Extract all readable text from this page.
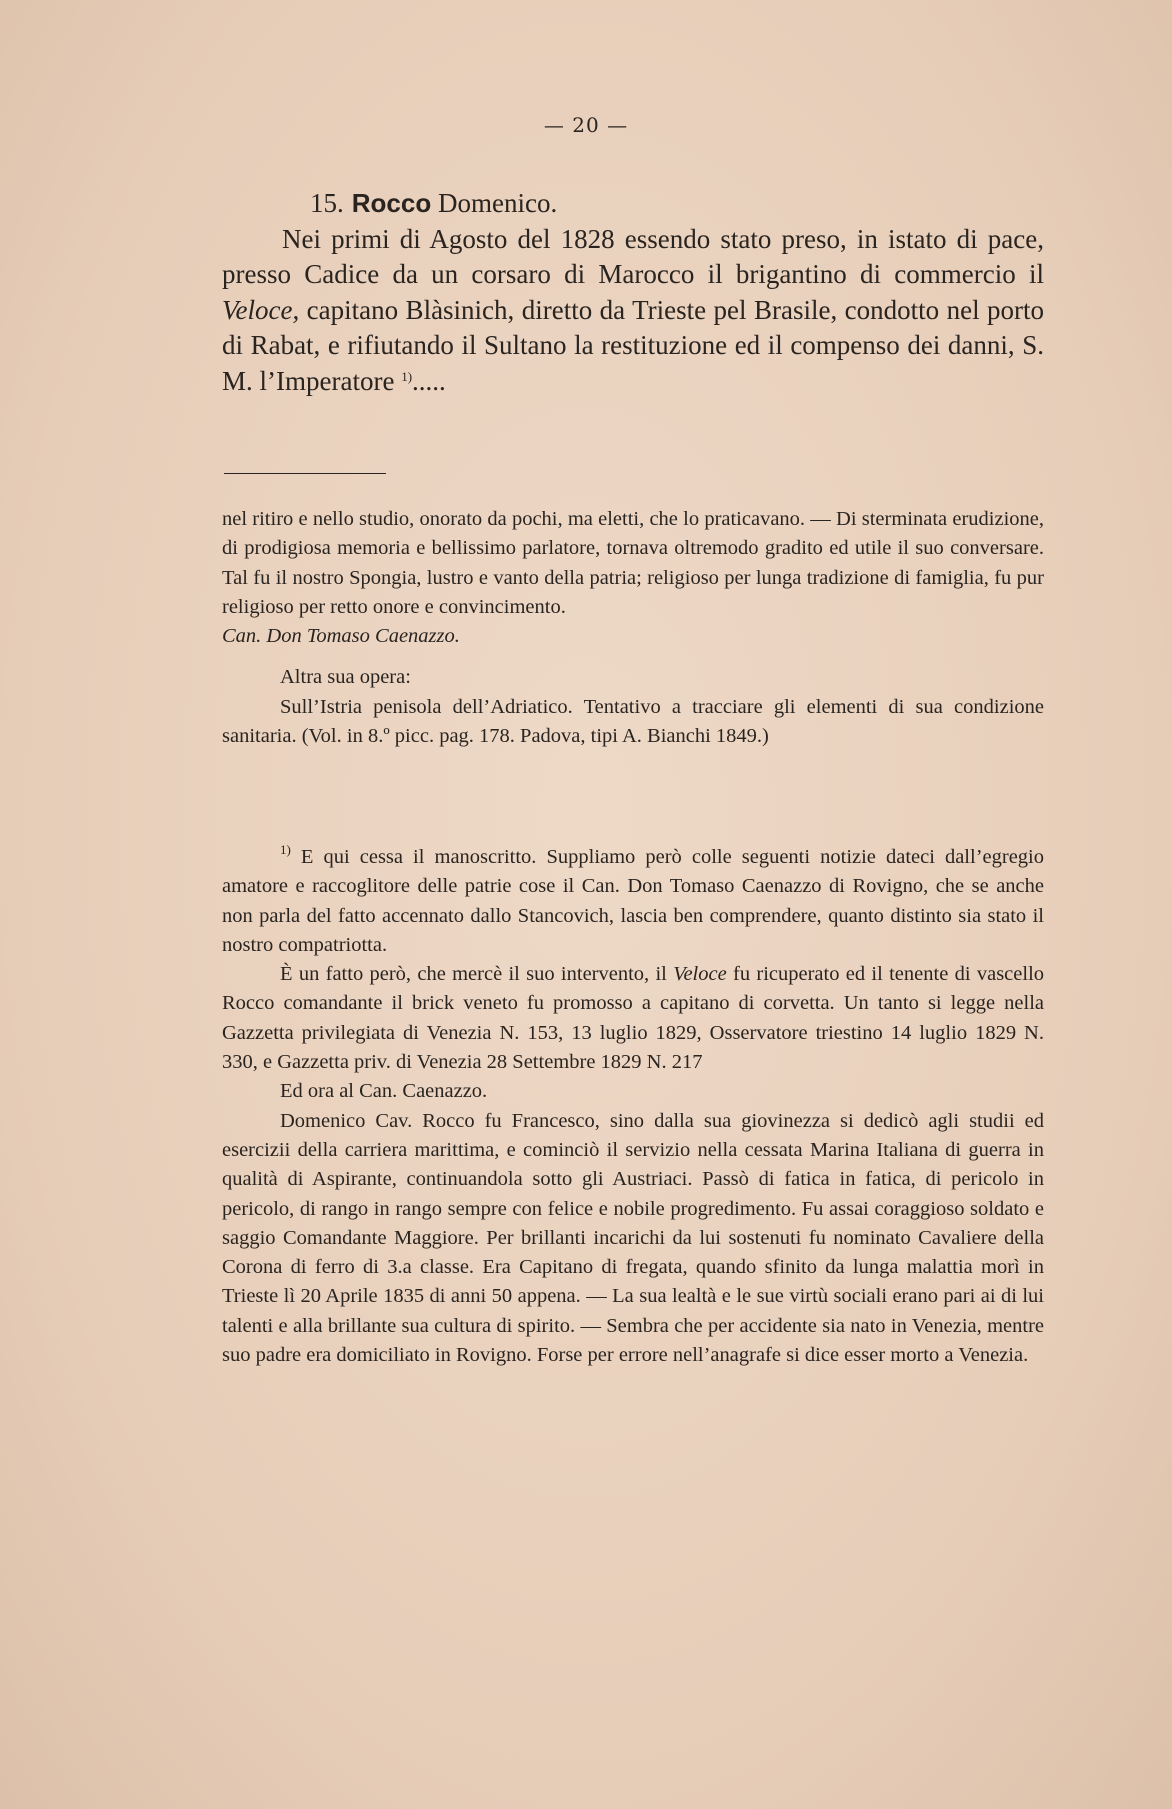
— 20 —

15. Rocco Domenico.

Nei primi di Agosto del 1828 essendo stato preso, in istato di pace, presso Cadice da un corsaro di Marocco il brigantino di commercio il Veloce, capitano Blàsinich, diretto da Trieste pel Brasile, condotto nel porto di Rabat, e rifiutando il Sultano la restituzione ed il compenso dei danni, S. M. l’Imperatore $^{1)}$.....

nel ritiro e nello studio, onorato da pochi, ma eletti, che lo praticavano. — Di sterminata erudizione, di prodigiosa memoria e bellissimo parlatore, tornava oltremodo gradito ed utile il suo conversare. Tal fu il nostro Spongia, lustro e vanto della patria; religioso per lunga tradizione di famiglia, fu pur religioso per retto onore e convincimento.

Can. Don Tomaso Caenazzo.

Altra sua opera:

Sull’Istria penisola dell’Adriatico. Tentativo a tracciare gli elementi di sua condizione sanitaria. (Vol. in 8.º picc. pag. 178. Padova, tipi A. Bianchi 1849.)

$^{1)}$ E qui cessa il manoscritto. Suppliamo però colle seguenti notizie dateci dall’egregio amatore e raccoglitore delle patrie cose il Can. Don Tomaso Caenazzo di Rovigno, che se anche non parla del fatto accennato dallo Stancovich, lascia ben comprendere, quanto distinto sia stato il nostro compatriotta.

È un fatto però, che mercè il suo intervento, il Veloce fu ricuperato ed il tenente di vascello Rocco comandante il brick veneto fu promosso a capitano di corvetta. Un tanto si legge nella Gazzetta privilegiata di Venezia N. 153, 13 luglio 1829, Osservatore triestino 14 luglio 1829 N. 330, e Gazzetta priv. di Venezia 28 Settembre 1829 N. 217

Ed ora al Can. Caenazzo.

Domenico Cav. Rocco fu Francesco, sino dalla sua giovinezza si dedicò agli studii ed esercizii della carriera marittima, e cominciò il servizio nella cessata Marina Italiana di guerra in qualità di Aspirante, continuandola sotto gli Austriaci. Passò di fatica in fatica, di pericolo in pericolo, di rango in rango sempre con felice e nobile progredimento. Fu assai coraggioso soldato e saggio Comandante Maggiore. Per brillanti incarichi da lui sostenuti fu nominato Cavaliere della Corona di ferro di 3.a classe. Era Capitano di fregata, quando sfinito da lunga malattia morì in Trieste lì 20 Aprile 1835 di anni 50 appena. — La sua lealtà e le sue virtù sociali erano pari ai di lui talenti e alla brillante sua cultura di spirito. — Sembra che per accidente sia nato in Venezia, mentre suo padre era domiciliato in Rovigno. Forse per errore nell’anagrafe si dice esser morto a Venezia.
